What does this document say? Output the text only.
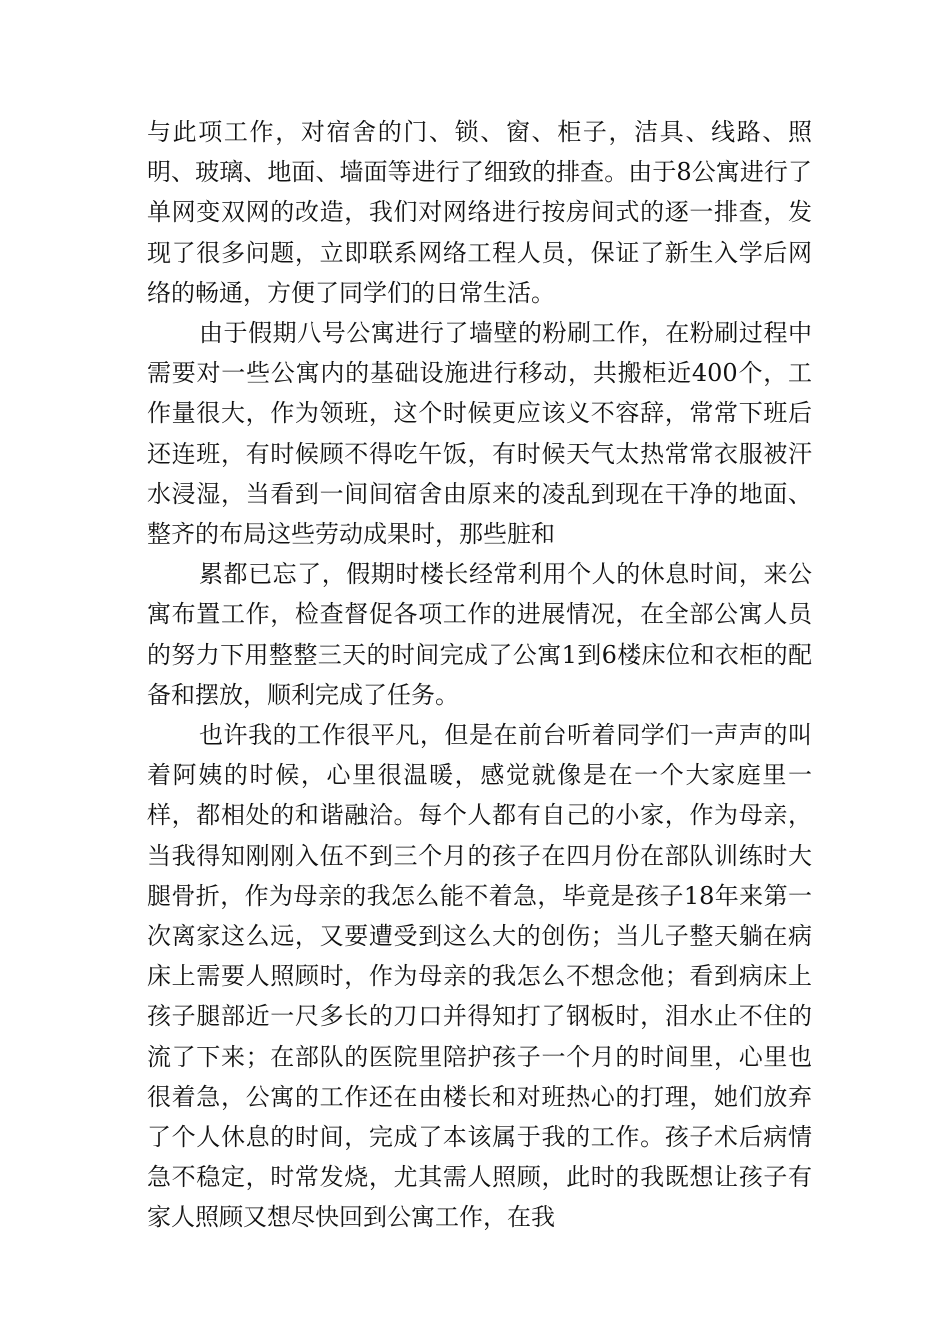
与此项工作，对宿舍的门、锁、窗、柜子，洁具、线路、照明、玻璃、地面、墙面等进行了细致的排查。由于8公寓进行了单网变双网的改造，我们对网络进行按房间式的逐一排查，发现了很多问题，立即联系网络工程人员，保证了新生入学后网络的畅通，方便了同学们的日常生活。

由于假期八号公寓进行了墙壁的粉刷工作，在粉刷过程中需要对一些公寓内的基础设施进行移动，共搬柜近400个，工作量很大，作为领班，这个时候更应该义不容辞，常常下班后还连班，有时候顾不得吃午饭，有时候天气太热常常衣服被汗水浸湿，当看到一间间宿舍由原来的凌乱到现在干净的地面、整齐的布局这些劳动成果时，那些脏和

累都已忘了，假期时楼长经常利用个人的休息时间，来公寓布置工作，检查督促各项工作的进展情况，在全部公寓人员的努力下用整整三天的时间完成了公寓1到6楼床位和衣柜的配备和摆放，顺利完成了任务。

也许我的工作很平凡，但是在前台听着同学们一声声的叫着阿姨的时候，心里很温暖，感觉就像是在一个大家庭里一样，都相处的和谐融洽。每个人都有自己的小家，作为母亲，当我得知刚刚入伍不到三个月的孩子在四月份在部队训练时大腿骨折，作为母亲的我怎么能不着急，毕竟是孩子18年来第一次离家这么远，又要遭受到这么大的创伤；当儿子整天躺在病床上需要人照顾时，作为母亲的我怎么不想念他；看到病床上孩子腿部近一尺多长的刀口并得知打了钢板时，泪水止不住的流了下来；在部队的医院里陪护孩子一个月的时间里，心里也很着急，公寓的工作还在由楼长和对班热心的打理，她们放弃了个人休息的时间，完成了本该属于我的工作。孩子术后病情急不稳定，时常发烧，尤其需人照顾，此时的我既想让孩子有家人照顾又想尽快回到公寓工作，在我
